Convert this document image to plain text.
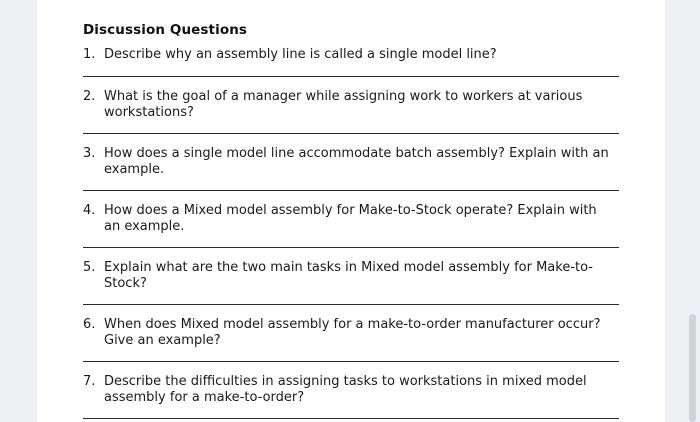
Discussion Questions
1. Describe why an assembly line is called a single model line?
2. What is the goal of a manager while assigning work to workers at various workstations?
3. How does a single model line accommodate batch assembly? Explain with an example.
4. How does a Mixed model assembly for Make-to-Stock operate? Explain with an example.
5. Explain what are the two main tasks in Mixed model assembly for Make-to-Stock?
6. When does Mixed model assembly for a make-to-order manufacturer occur? Give an example?
7. Describe the difficulties in assigning tasks to workstations in mixed model assembly for a make-to-order?
